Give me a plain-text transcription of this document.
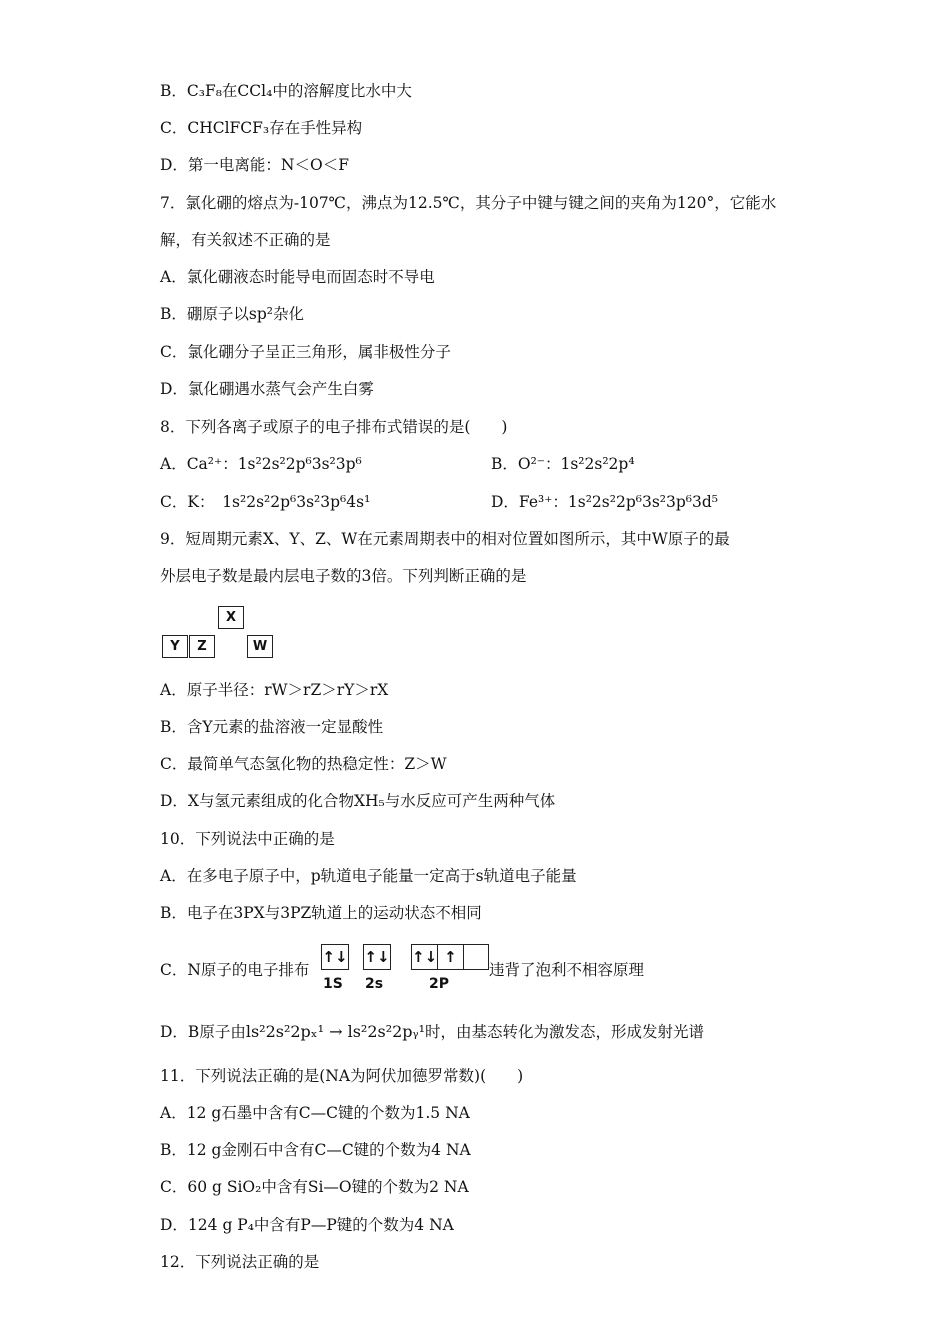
B．C₃F₈在CCl₄中的溶解度比水中大
C．CHClFCF₃存在手性异构
D．第一电离能：N＜O＜F
7．氯化硼的熔点为-107℃，沸点为12.5℃，其分子中键与键之间的夹角为120°，它能水
解，有关叙述不正确的是
A．氯化硼液态时能导电而固态时不导电
B．硼原子以sp²杂化
C．氯化硼分子呈正三角形，属非极性分子
D．氯化硼遇水蒸气会产生白雾
8．下列各离子或原子的电子排布式错误的是(　　)
A．Ca²⁺：1s²2s²2p⁶3s²3p⁶	B．O²⁻：1s²2s²2p⁴
C．K：　1s²2s²2p⁶3s²3p⁶4s¹	D．Fe³⁺：1s²2s²2p⁶3s²3p⁶3d⁵
9．短周期元素X、Y、Z、W在元素周期表中的相对位置如图所示，其中W原子的最
外层电子数是最内层电子数的3倍。下列判断正确的是
X
Y	Z	W
A．原子半径：rW＞rZ＞rY＞rX
B．含Y元素的盐溶液一定显酸性
C．最简单气态氢化物的热稳定性：Z＞W
D．X与氢元素组成的化合物XH₅与水反应可产生两种气体
10．下列说法中正确的是
A．在多电子原子中，p轨道电子能量一定高于s轨道电子能量
B．电子在3PX与3PZ轨道上的运动状态不相同
C．N原子的电子排布
↑↓ ↑↓ ↑↓ ↑
1S 2s	2P
违背了泡利不相容原理
D．B原子由ls²2s²2pₓ¹ → ls²2s²2pᵧ¹时，由基态转化为激发态，形成发射光谱
11．下列说法正确的是(NA为阿伏加德罗常数)(　　)
A．12 g石墨中含有C—C键的个数为1.5 NA
B．12 g金刚石中含有C—C键的个数为4 NA
C．60 g SiO₂中含有Si—O键的个数为2 NA
D．124 g P₄中含有P—P键的个数为4 NA
12．下列说法正确的是
